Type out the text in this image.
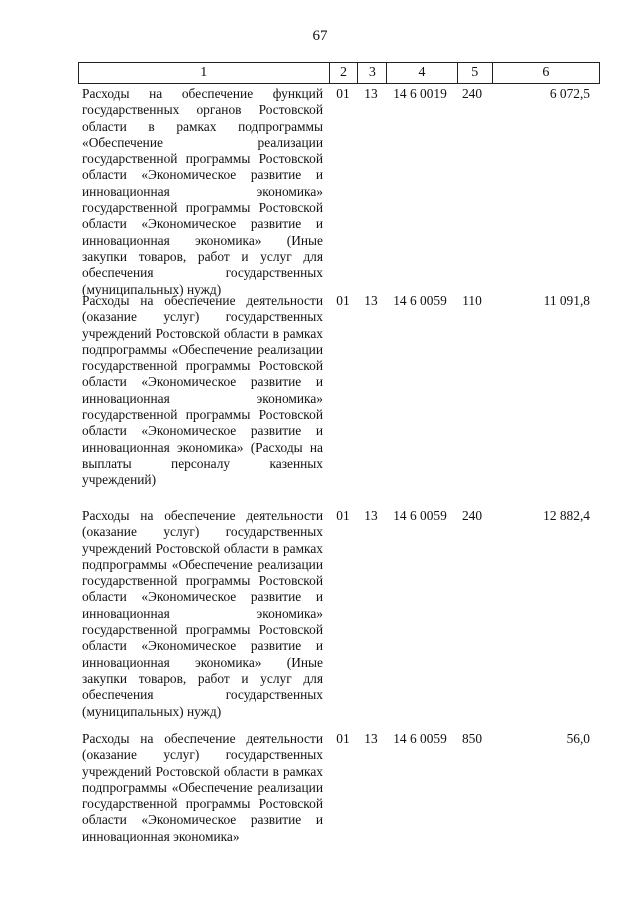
67
1	2	3	4	5	6
Расходы на обеспечение функций государственных органов Ростовской области в рамках подпрограммы «Обеспечение реализации государственной программы Ростовской области «Экономическое развитие и инновационная экономика» государственной программы Ростовской области «Экономическое развитие и инновационная экономика» (Иные закупки товаров, работ и услуг для обеспечения государственных (муниципальных) нужд)
01	13	14 6 0019	240	6 072,5
Расходы на обеспечение деятельности (оказание услуг) государственных учреждений Ростовской области в рамках подпрограммы «Обеспечение реализации государственной программы Ростовской области «Экономическое развитие и инновационная экономика» государственной программы Ростовской области «Экономическое развитие и инновационная экономика» (Расходы на выплаты персоналу казенных учреждений)
01	13	14 6 0059	110	11 091,8
Расходы на обеспечение деятельности (оказание услуг) государственных учреждений Ростовской области в рамках подпрограммы «Обеспечение реализации государственной программы Ростовской области «Экономическое развитие и инновационная экономика» государственной программы Ростовской области «Экономическое развитие и инновационная экономика» (Иные закупки товаров, работ и услуг для обеспечения государственных (муниципальных) нужд)
01	13	14 6 0059	240	12 882,4
Расходы на обеспечение деятельности (оказание услуг) государственных учреждений Ростовской области в рамках подпрограммы «Обеспечение реализации государственной программы Ростовской области «Экономическое развитие и инновационная экономика»
01	13	14 6 0059	850	56,0
